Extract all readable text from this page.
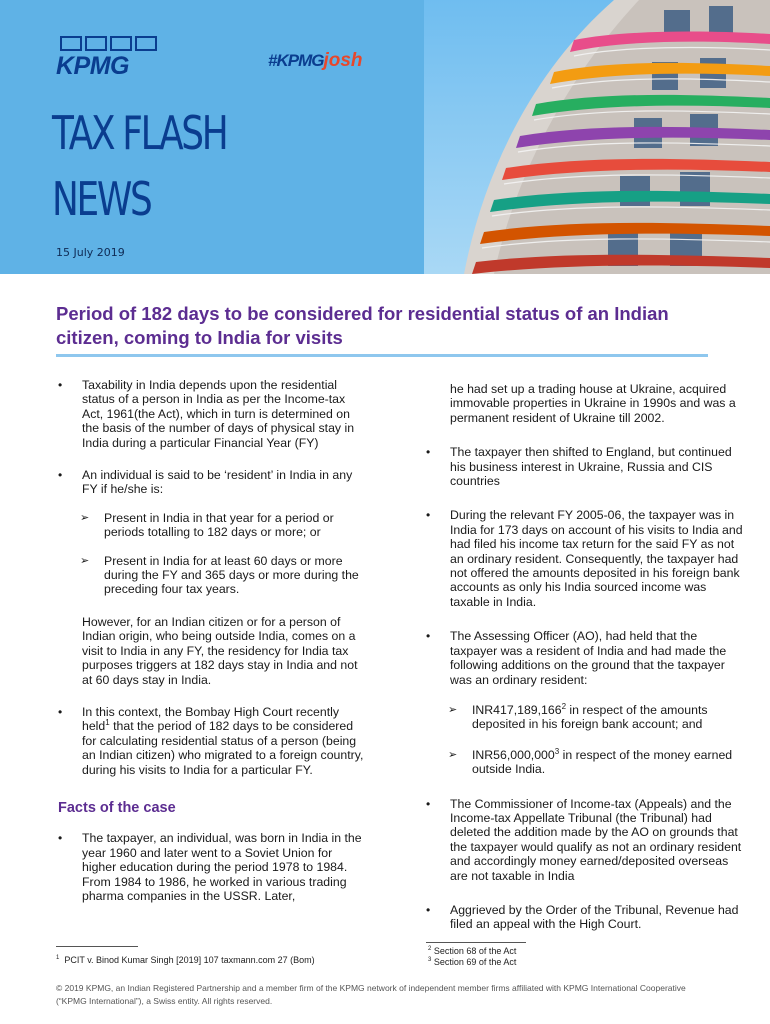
KPMG	#KPMGjosh
TAX FLASH
NEWS
15 July 2019
Period of 182 days to be considered for residential status of an Indian citizen, coming to India for visits

• Taxability in India depends upon the residential status of a person in India as per the Income-tax Act, 1961(the Act), which in turn is determined on the basis of the number of days of physical stay in India during a particular Financial Year (FY)

• An individual is said to be ‘resident’ in India in any FY if he/she is:

➢ Present in India in that year for a period or periods totalling to 182 days or more; or

➢ Present in India for at least 60 days or more during the FY and 365 days or more during the preceding four tax years.

However, for an Indian citizen or for a person of Indian origin, who being outside India, comes on a visit to India in any FY, the residency for India tax purposes triggers at 182 days stay in India and not at 60 days stay in India.

• In this context, the Bombay High Court recently held$^1$ that the period of 182 days to be considered for calculating residential status of a person (being an Indian citizen) who migrated to a foreign country, during his visits to India for a particular FY.

Facts of the case

• The taxpayer, an individual, was born in India in the year 1960 and later went to a Soviet Union for higher education during the period 1978 to 1984. From 1984 to 1986, he worked in various trading pharma companies in the USSR. Later,

he had set up a trading house at Ukraine, acquired immovable properties in Ukraine in 1990s and was a permanent resident of Ukraine till 2002.

• The taxpayer then shifted to England, but continued his business interest in Ukraine, Russia and CIS countries

• During the relevant FY 2005-06, the taxpayer was in India for 173 days on account of his visits to India and had filed his income tax return for the said FY as not an ordinary resident. Consequently, the taxpayer had not offered the amounts deposited in his foreign bank accounts as only his India sourced income was taxable in India.

• The Assessing Officer (AO), had held that the taxpayer was a resident of India and had made the following additions on the ground that the taxpayer was an ordinary resident:

➢ INR417,189,166$^2$ in respect of the amounts deposited in his foreign bank account; and

➢ INR56,000,000$^3$ in respect of the money earned outside India.

• The Commissioner of Income-tax (Appeals) and the Income-tax Appellate Tribunal (the Tribunal) had deleted the addition made by the AO on grounds that the taxpayer would qualify as not an ordinary resident and accordingly money earned/deposited overseas are not taxable in India

• Aggrieved by the Order of the Tribunal, Revenue had filed an appeal with the High Court.

$^1$ PCIT v. Binod Kumar Singh [2019] 107 taxmann.com 27 (Bom)
$^2$ Section 68 of the Act
$^3$ Section 69 of the Act

© 2019 KPMG, an Indian Registered Partnership and a member firm of the KPMG network of independent member firms affiliated with KPMG International Cooperative (“KPMG International”), a Swiss entity. All rights reserved.
